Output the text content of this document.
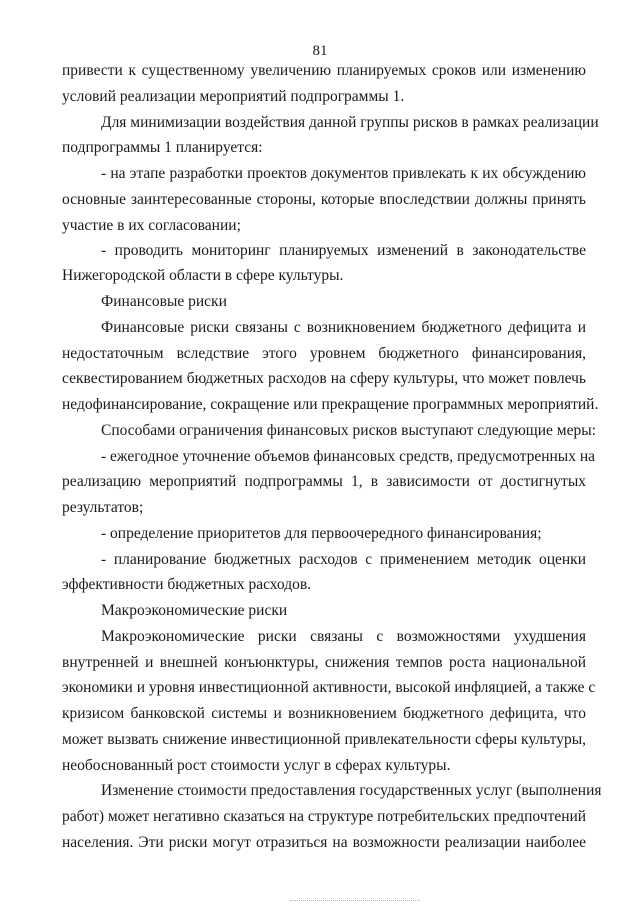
81
привести к существенному увеличению планируемых сроков или изменению
условий реализации мероприятий подпрограммы 1.
Для минимизации воздействия данной группы рисков в рамках реализации
подпрограммы 1 планируется:
- на этапе разработки проектов документов привлекать к их обсуждению
основные заинтересованные стороны, которые впоследствии должны принять
участие в их согласовании;
- проводить мониторинг планируемых изменений в законодательстве
Нижегородской области в сфере культуры.
Финансовые риски
Финансовые риски связаны с возникновением бюджетного дефицита и
недостаточным вследствие этого уровнем бюджетного финансирования,
секвестированием бюджетных расходов на сферу культуры, что может повлечь
недофинансирование, сокращение или прекращение программных мероприятий.
Способами ограничения финансовых рисков выступают следующие меры:
- ежегодное уточнение объемов финансовых средств, предусмотренных на
реализацию мероприятий подпрограммы 1, в зависимости от достигнутых
результатов;
- определение приоритетов для первоочередного финансирования;
- планирование бюджетных расходов с применением методик оценки
эффективности бюджетных расходов.
Макроэкономические риски
Макроэкономические риски связаны с возможностями ухудшения
внутренней и внешней конъюнктуры, снижения темпов роста национальной
экономики и уровня инвестиционной активности, высокой инфляцией, а также с
кризисом банковской системы и возникновением бюджетного дефицита, что
может вызвать снижение инвестиционной привлекательности сферы культуры,
необоснованный рост стоимости услуг в сферах культуры.
Изменение стоимости предоставления государственных услуг (выполнения
работ) может негативно сказаться на структуре потребительских предпочтений
населения. Эти риски могут отразиться на возможности реализации наиболее
